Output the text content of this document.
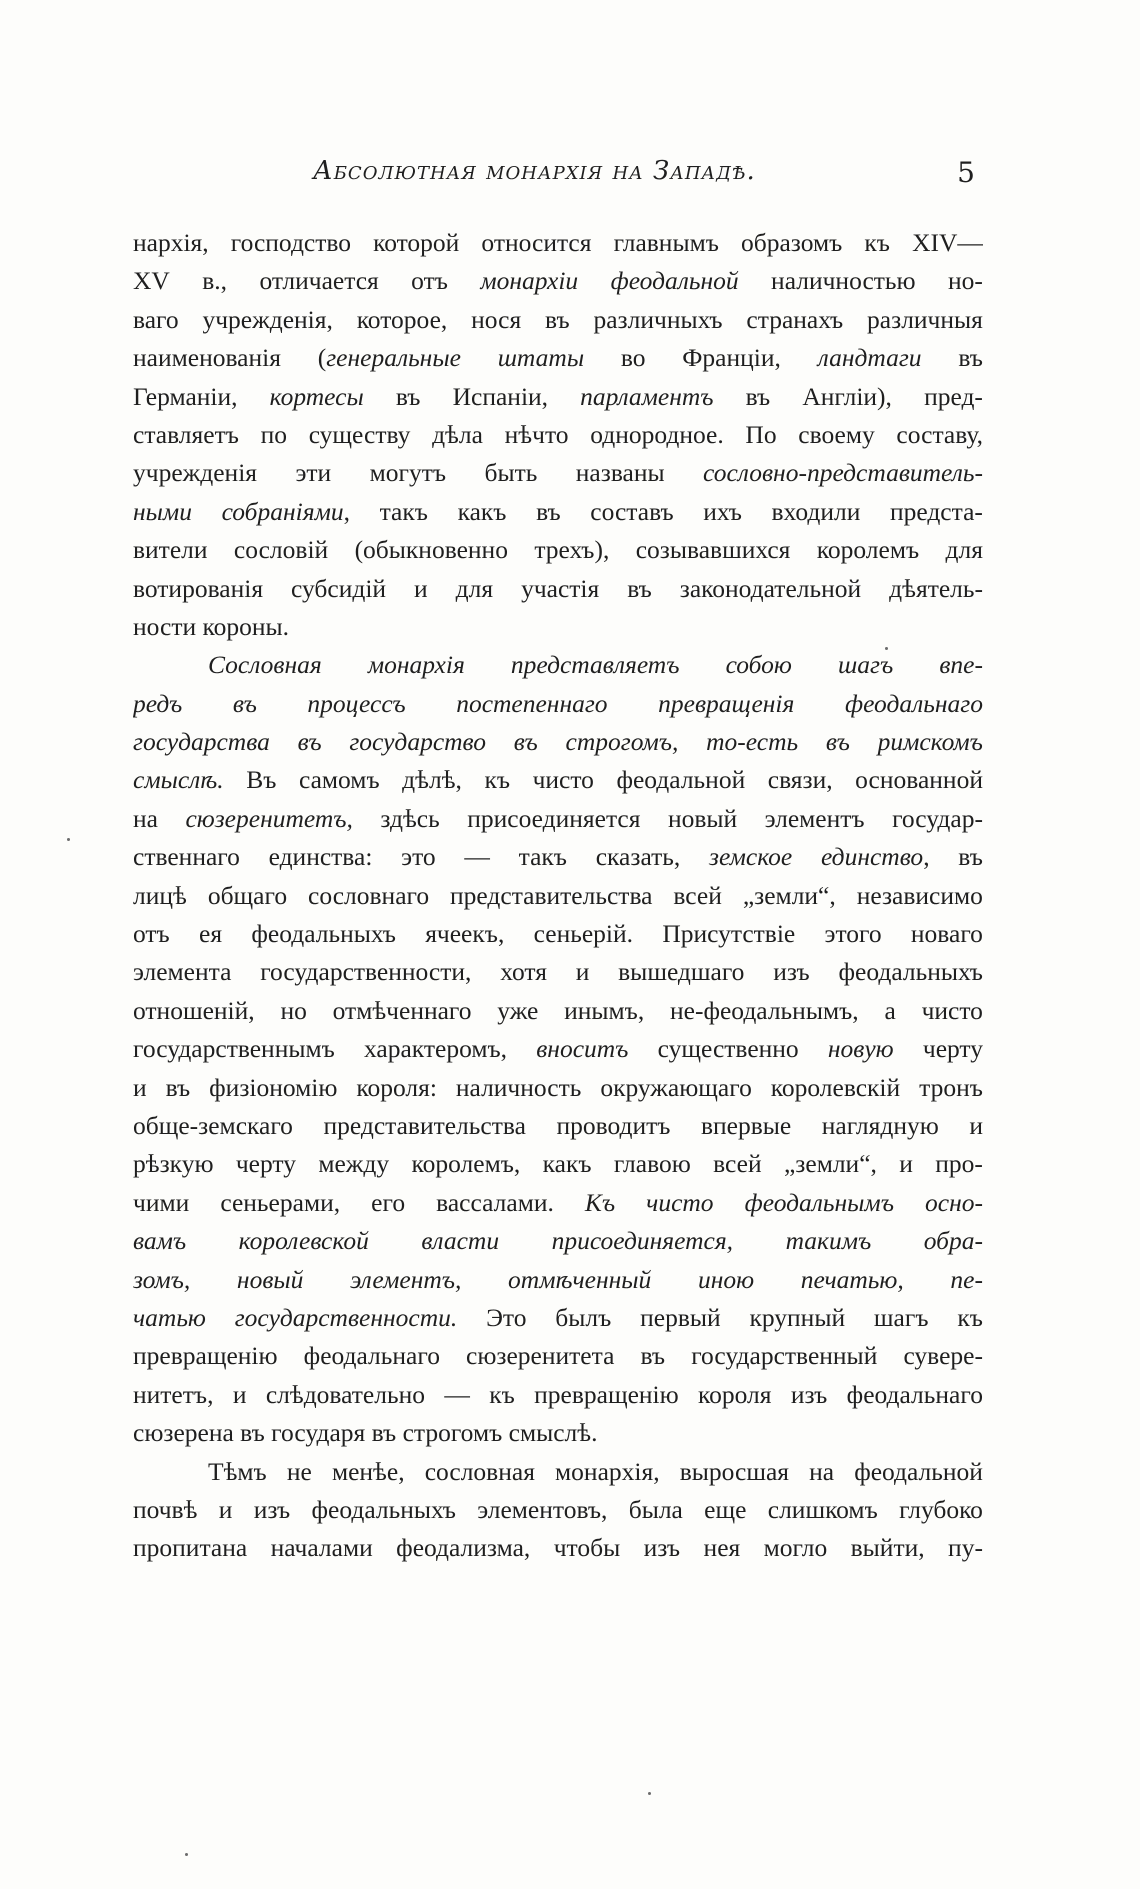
Абсолютная монархія на Западѣ.	5
нархія, господство которой относится главнымъ образомъ къ XIV—
XV в., отличается отъ монархіи феодальной наличностью но-
ваго учрежденія, которое, нося въ различныхъ странахъ различныя
наименованія (генеральные штаты во Франціи, ландтаги въ
Германіи, кортесы въ Испаніи, парламентъ въ Англіи), пред-
ставляетъ по существу дѣла нѣчто однородное. По своему составу,
учрежденія эти могутъ быть названы сословно-представитель-
ными собраніями, такъ какъ въ составъ ихъ входили предста-
вители сословій (обыкновенно трехъ), созывавшихся королемъ для
вотированія субсидій и для участія въ законодательной дѣятель-
ности короны.
Сословная монархія представляетъ собою шагъ впе-
редъ въ процессъ постепеннаго превращенія феодальнаго
государства въ государство въ строгомъ, то-есть въ римскомъ
смыслѣ. Въ самомъ дѣлѣ, къ чисто феодальной связи, основанной
на сюзеренитетъ, здѣсь присоединяется новый элементъ государ-
ственнаго единства: это — такъ сказать, земское единство, въ
лицѣ общаго сословнаго представительства всей „земли“, независимо
отъ ея феодальныхъ ячеекъ, сеньерій. Присутствіе этого новаго
элемента государственности, хотя и вышедшаго изъ феодальныхъ
отношеній, но отмѣченнаго уже инымъ, не-феодальнымъ, а чисто
государственнымъ характеромъ, вноситъ существенно новую черту
и въ физіономію короля: наличность окружающаго королевскій тронъ
обще-земскаго представительства проводитъ впервые наглядную и
рѣзкую черту между королемъ, какъ главою всей „земли“, и про-
чими сеньерами, его вассалами. Къ чисто феодальнымъ осно-
вамъ королевской власти присоединяется, такимъ обра-
зомъ, новый элементъ, отмѣченный иною печатью, пе-
чатью государственности. Это былъ первый крупный шагъ къ
превращенію феодальнаго сюзеренитета въ государственный сувере-
нитетъ, и слѣдовательно — къ превращенію короля изъ феодальнаго
сюзерена въ государя въ строгомъ смыслѣ.
Тѣмъ не менѣе, сословная монархія, выросшая на феодальной
почвѣ и изъ феодальныхъ элементовъ, была еще слишкомъ глубоко
пропитана началами феодализма, чтобы изъ нея могло выйти, пу-
